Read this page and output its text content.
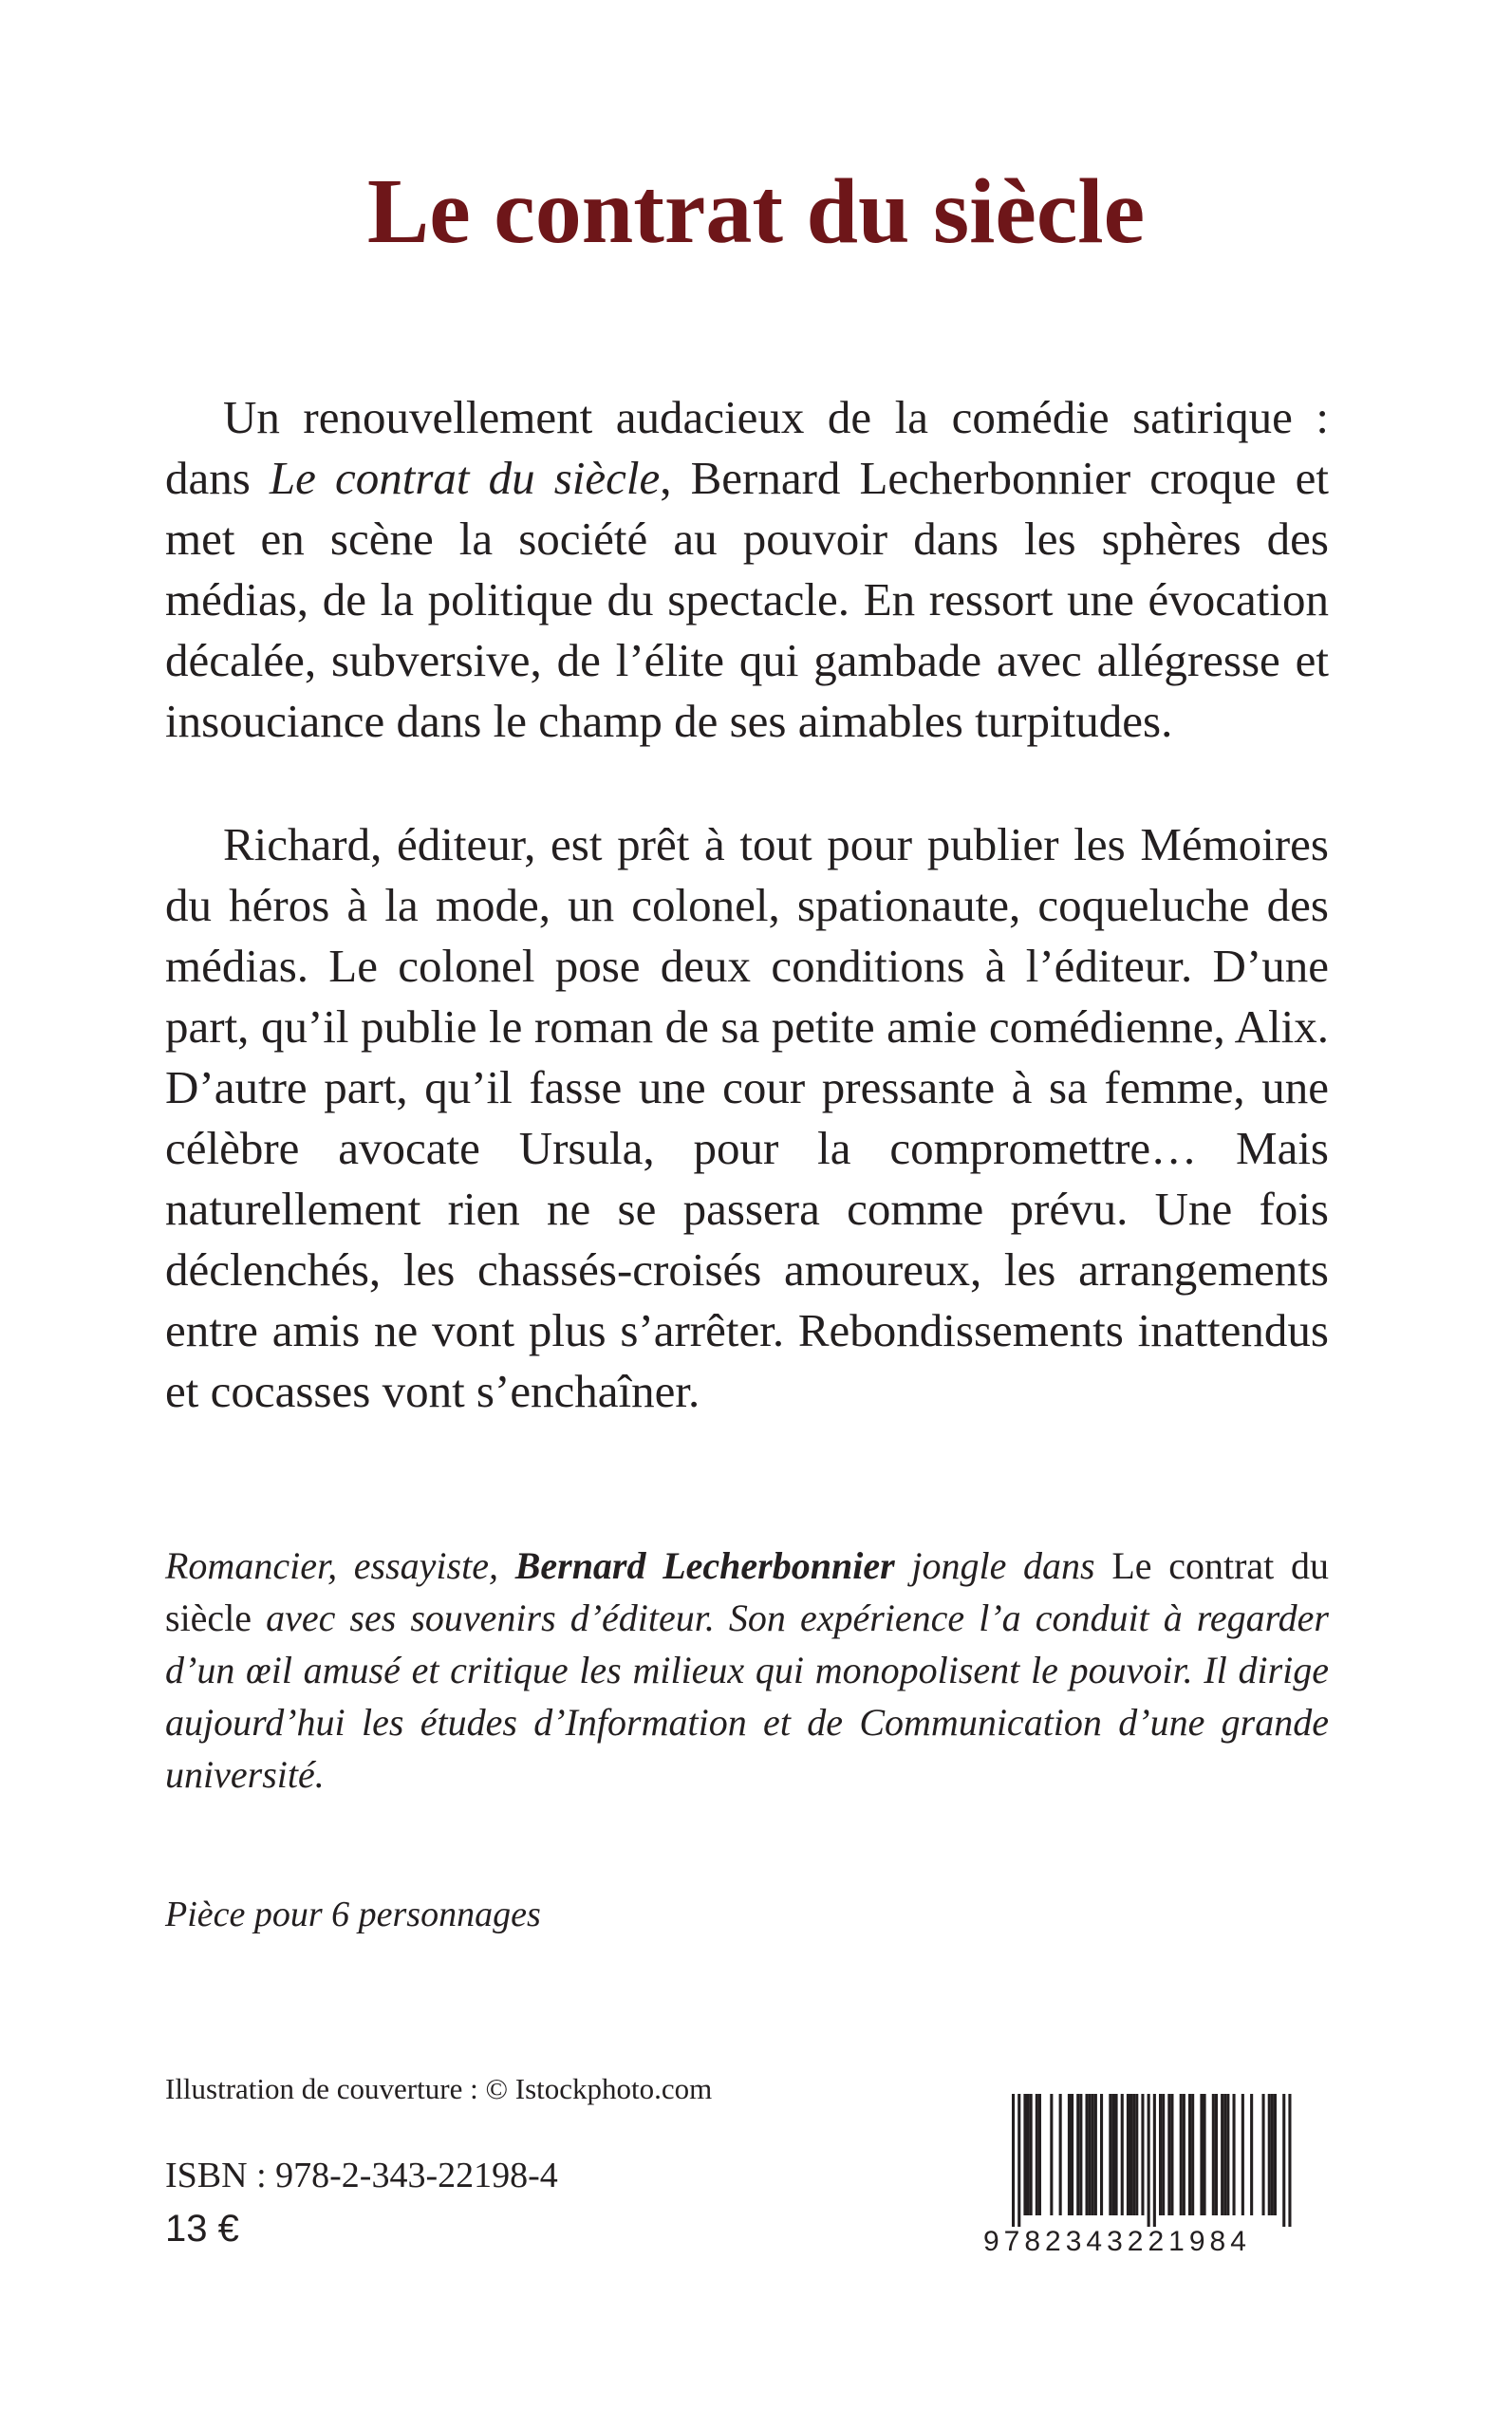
Le contrat du siècle

Un renouvellement audacieux de la comédie satirique : dans Le contrat du siècle, Bernard Lecherbonnier croque et met en scène la société au pouvoir dans les sphères des médias, de la politique du spectacle. En ressort une évocation décalée, subversive, de l’élite qui gambade avec allégresse et insouciance dans le champ de ses aimables turpitudes.

Richard, éditeur, est prêt à tout pour publier les Mémoires du héros à la mode, un colonel, spationaute, coqueluche des médias. Le colonel pose deux conditions à l’éditeur. D’une part, qu’il publie le roman de sa petite amie comédienne, Alix. D’autre part, qu’il fasse une cour pressante à sa femme, une célèbre avocate Ursula, pour la compromettre… Mais naturellement rien ne se passera comme prévu. Une fois déclenchés, les chassés-croisés amoureux, les arrangements entre amis ne vont plus s’arrêter. Rebondissements inattendus et cocasses vont s’enchaîner.

Romancier, essayiste, Bernard Lecherbonnier jongle dans Le contrat du siècle avec ses souvenirs d’éditeur. Son expérience l’a conduit à regarder d’un œil amusé et critique les milieux qui monopolisent le pouvoir. Il dirige aujourd’hui les études d’Information et de Communication d’une grande université.

Pièce pour 6 personnages

Illustration de couverture : © Istockphoto.com

ISBN : 978-2-343-22198-4

13 €	9782343221984
